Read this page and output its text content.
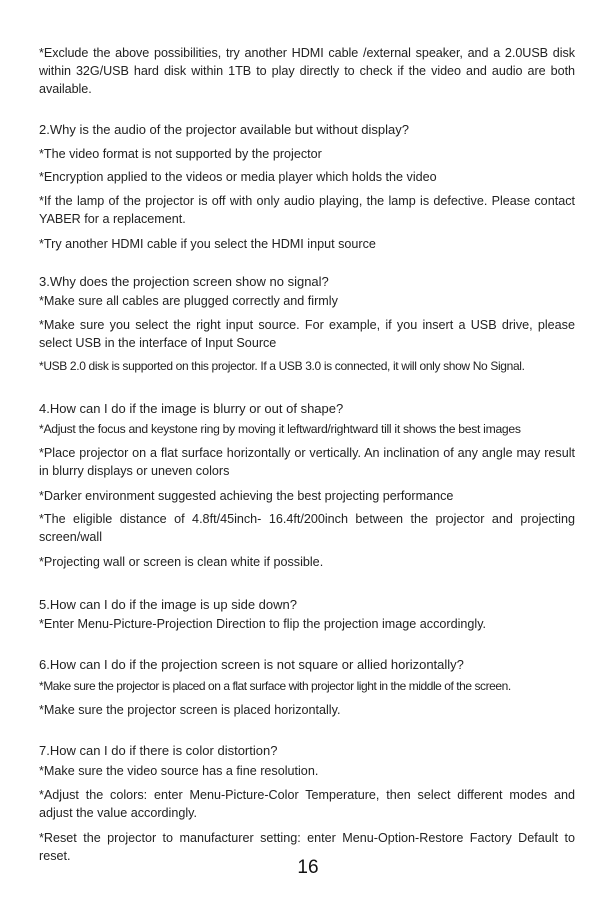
*Exclude the above possibilities, try another HDMI cable /external speaker, and a 2.0USB disk within 32G/USB hard disk within 1TB to play directly to check if the video and audio are both available.

2.Why is the audio of the projector available but without display?

*The video format is not supported by the projector

*Encryption applied to the videos or media player which holds the video

*If the lamp of the projector is off with only audio playing, the lamp is defective. Please contact YABER for a replacement.

*Try another HDMI cable if you select the HDMI input source

3.Why does the projection screen show no signal?

*Make sure all cables are plugged correctly and firmly

*Make sure you select the right input source. For example, if you insert a USB drive, please select USB in the interface of Input Source

*USB 2.0 disk is supported on this projector. If a USB 3.0 is connected, it will only show No Signal.

4.How can I do if the image is blurry or out of shape?

*Adjust the focus and keystone ring by moving it leftward/rightward till it shows the best images

*Place projector on a flat surface horizontally or vertically. An inclination of any angle may result in blurry displays or uneven colors

*Darker environment suggested achieving the best projecting performance

*The eligible distance of 4.8ft/45inch- 16.4ft/200inch between the projector and projecting screen/wall

*Projecting wall or screen is clean white if possible.

5.How can I do if the image is up side down?

*Enter Menu-Picture-Projection Direction to flip the projection image accordingly.

6.How can I do if the projection screen is not square or allied horizontally?

*Make sure the projector is placed on a flat surface with projector light in the middle of the screen.

*Make sure the projector screen is placed horizontally.

7.How can I do if there is color distortion?

*Make sure the video source has a fine resolution.

*Adjust the colors: enter Menu-Picture-Color Temperature, then select different modes and adjust the value accordingly.

*Reset the projector to manufacturer setting: enter Menu-Option-Restore Factory Default to reset.

16
